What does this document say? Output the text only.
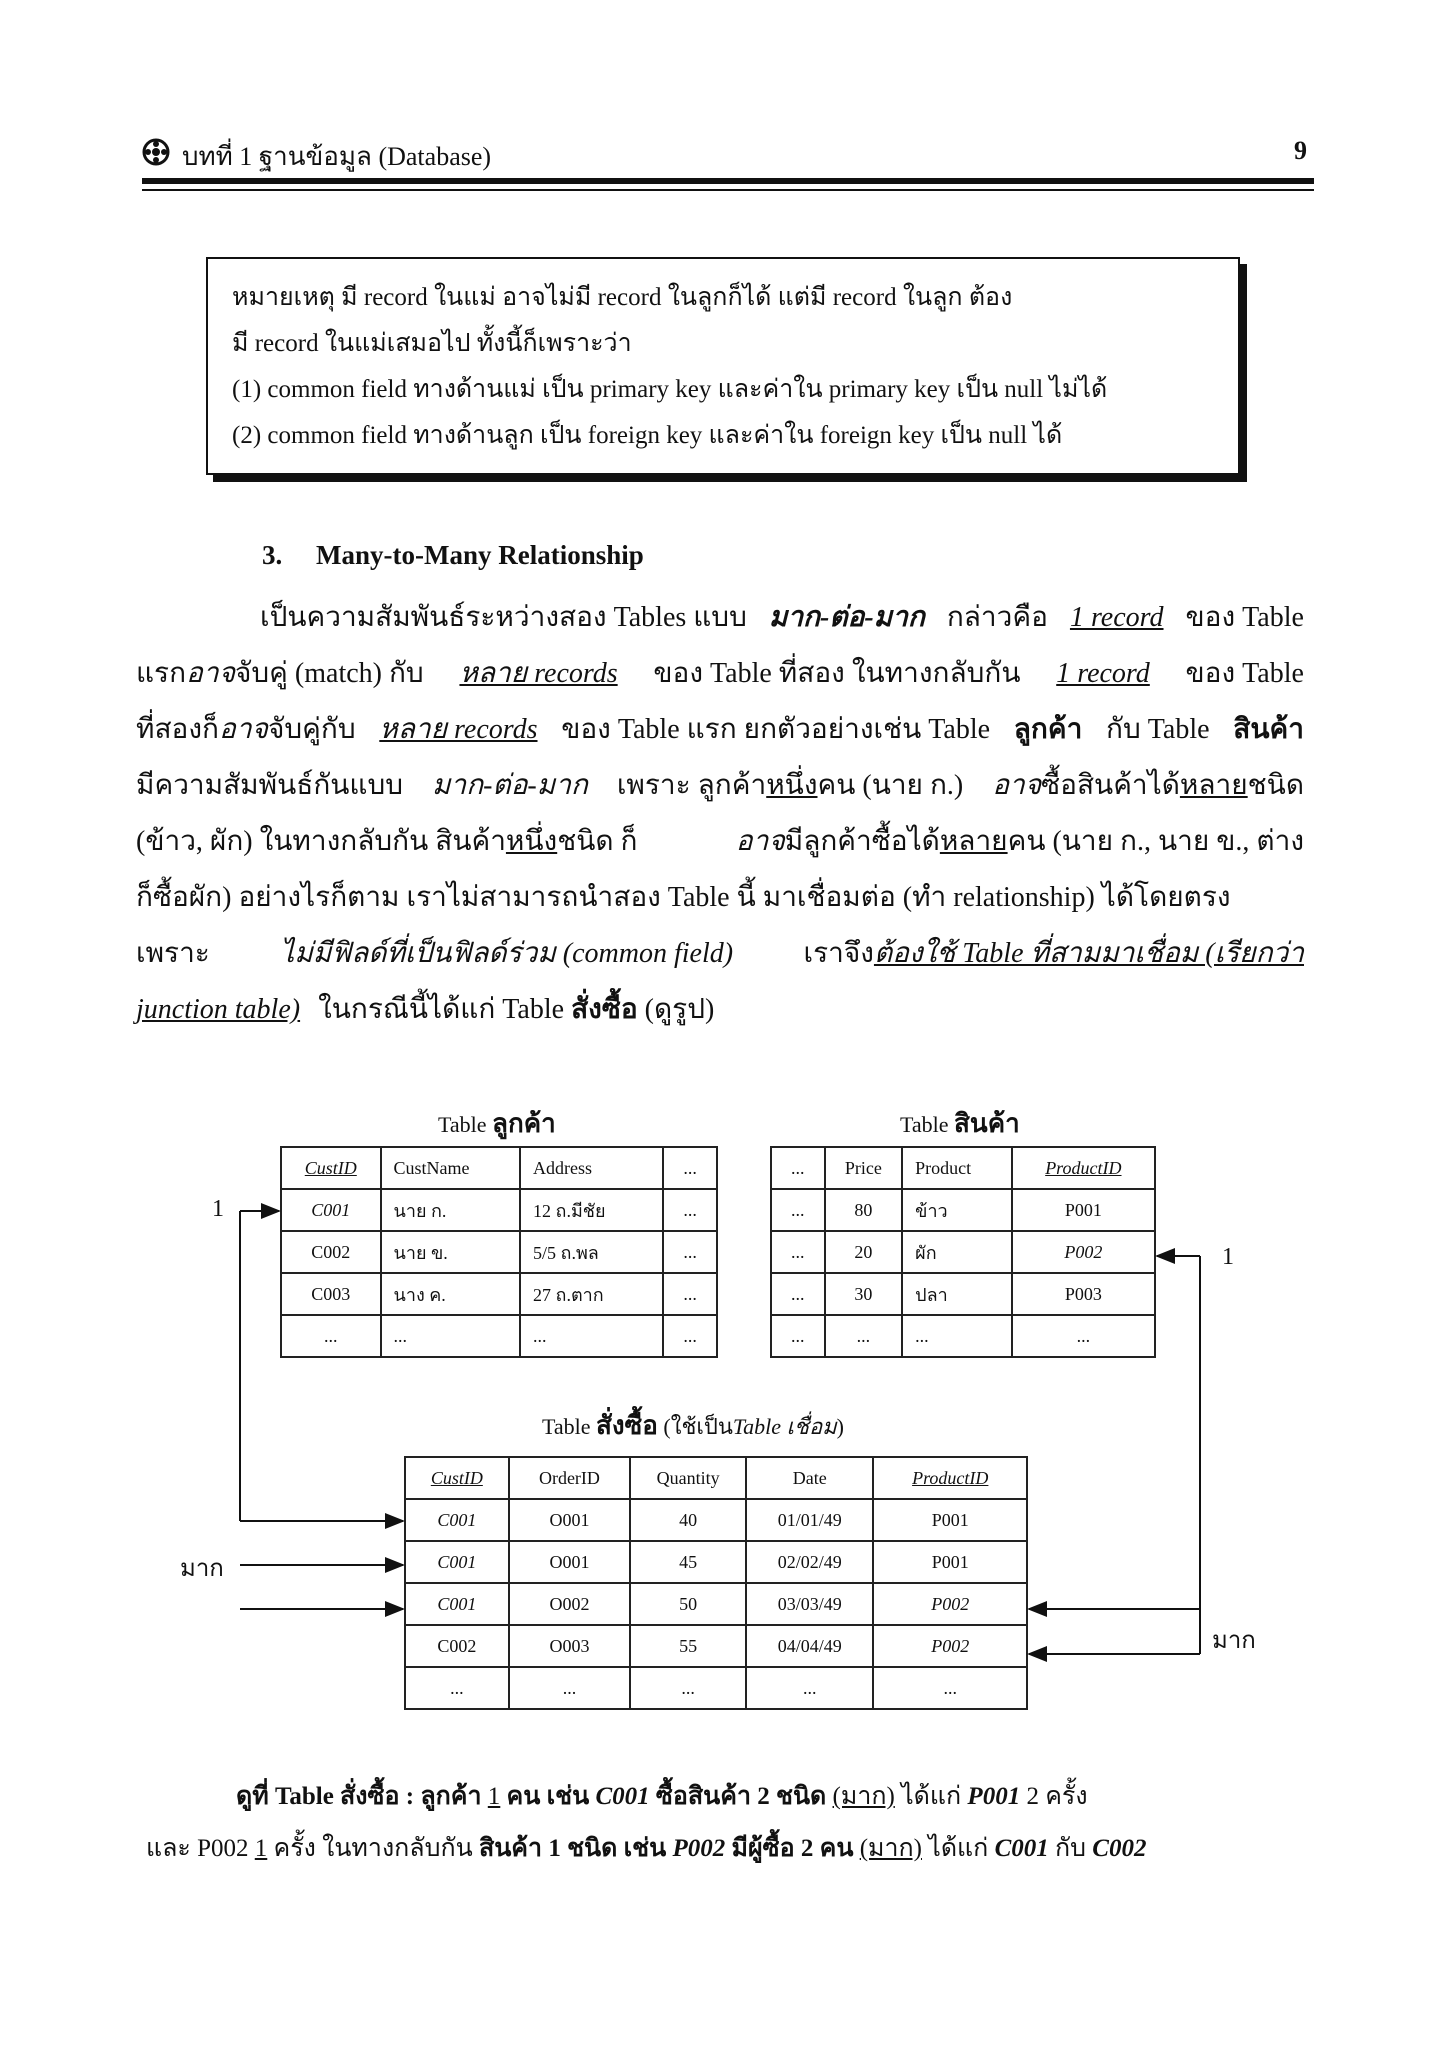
บทที่ 1 ฐานข้อมูล (Database)	9
หมายเหตุ มี record ในแม่ อาจไม่มี record ในลูกก็ได้ แต่มี record ในลูก ต้อง
มี record ในแม่เสมอไป ทั้งนี้ก็เพราะว่า
(1) common field ทางด้านแม่ เป็น primary key และค่าใน primary key เป็น null ไม่ได้
(2) common field ทางด้านลูก เป็น foreign key และค่าใน foreign key เป็น null ได้
3. Many-to-Many Relationship
เป็นความสัมพันธ์ระหว่างสอง Tables แบบ มาก-ต่อ-มาก กล่าวคือ 1 record ของ Table
แรกอาจจับคู่ (match) กับ หลาย records ของ Table ที่สอง ในทางกลับกัน 1 record ของ Table
ที่สองก็อาจจับคู่กับ หลาย records ของ Table แรก ยกตัวอย่างเช่น Table ลูกค้า กับ Table สินค้า
มีความสัมพันธ์กันแบบ มาก-ต่อ-มาก เพราะ ลูกค้าหนึ่งคน (นาย ก.) อาจซื้อสินค้าได้หลายชนิด
(ข้าว, ผัก) ในทางกลับกัน สินค้าหนึ่งชนิด ก็	อาจมีลูกค้าซื้อได้หลายคน (นาย ก., นาย ข., ต่าง
ก็ซื้อผัก) อย่างไรก็ตาม เราไม่สามารถนำสอง Table นี้ มาเชื่อมต่อ (ทำ relationship) ได้โดยตรง
เพราะ	ไม่มีฟิลด์ที่เป็นฟิลด์ร่วม (common field)	เราจึงต้องใช้ Table ที่สามมาเชื่อม (เรียกว่า
junction table) ในกรณีนี้ได้แก่ Table สั่งซื้อ (ดูรูป)
Table ลูกค้า
CustID	CustName	Address	...
C001	นาย ก.	12 ถ.มีชัย	...
C002	นาย ข.	5/5 ถ.พล	...
C003	นาง ค.	27 ถ.ตาก	...
...	...	...	...
Table สินค้า
...	Price	Product	ProductID
...	80	ข้าว	P001
...	20	ผัก	P002
...	30	ปลา	P003
...	...	...	...
Table สั่งซื้อ (ใช้เป็นTable เชื่อม)
CustID	OrderID	Quantity	Date	ProductID
C001	O001	40	01/01/49	P001
C001	O001	45	02/02/49	P001
C001	O002	50	03/03/49	P002
C002	O003	55	04/04/49	P002
...	...	...	...	...
1
มาก
1
มาก
ดูที่ Table สั่งซื้อ : ลูกค้า 1 คน เช่น C001 ซื้อสินค้า 2 ชนิด (มาก) ได้แก่ P001 2 ครั้ง
และ P002 1 ครั้ง ในทางกลับกัน สินค้า 1 ชนิด เช่น P002 มีผู้ซื้อ 2 คน (มาก) ได้แก่ C001 กับ C002
